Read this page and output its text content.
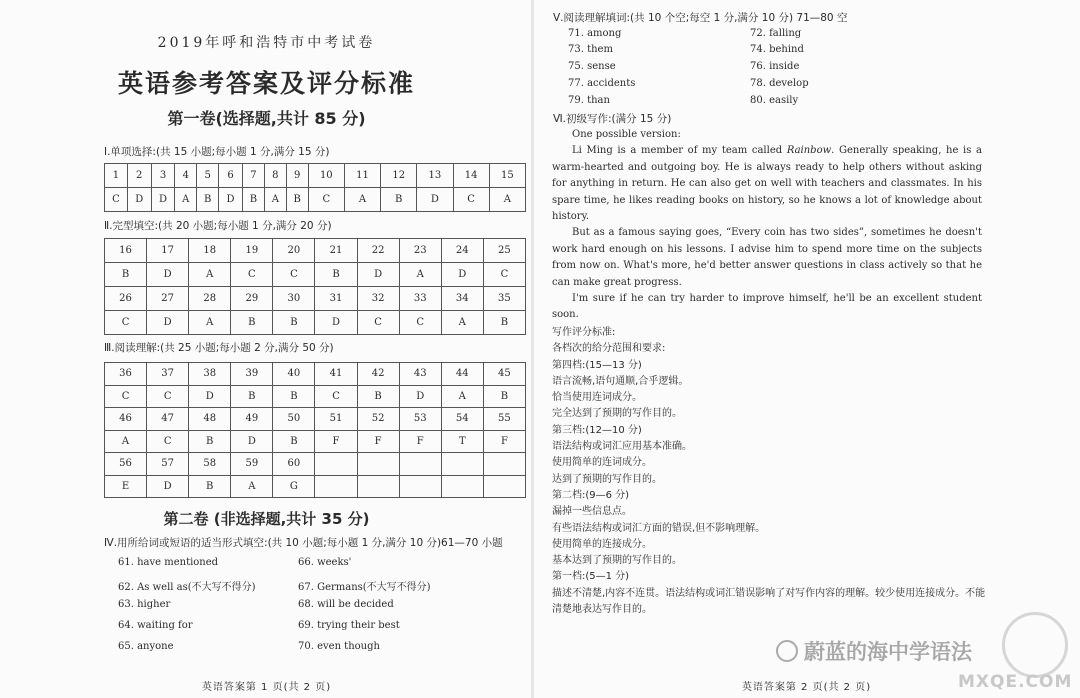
2019年呼和浩特市中考试卷
英语参考答案及评分标准
第一卷(选择题,共计 85 分)
Ⅰ.单项选择:(共 15 小题;每小题 1 分,满分 15 分)
1	2	3	4	5	6	7	8	9	10	11	12	13	14	15
C	D	D	A	B	D	B	A	B	C	A	B	D	C	A
Ⅱ.完型填空:(共 20 小题;每小题 1 分,满分 20 分)
16	17	18	19	20	21	22	23	24	25
B	D	A	C	C	B	D	A	D	C
26	27	28	29	30	31	32	33	34	35
C	D	A	B	B	D	C	C	A	B
Ⅲ.阅读理解:(共 25 小题;每小题 2 分,满分 50 分)
36	37	38	39	40	41	42	43	44	45
C	C	D	B	B	C	B	D	A	B
46	47	48	49	50	51	52	53	54	55
A	C	B	D	B	F	F	F	T	F
56	57	58	59	60					
E	D	B	A	G					
第二卷 (非选择题,共计 35 分)
Ⅳ.用所给词或短语的适当形式填空:(共 10 小题;每小题 1 分,满分 10 分)61—70 小题
61. have mentioned
62. As well as(不大写不得分)
63. higher
64. waiting for
65. anyone
66. weeks'
67. Germans(不大写不得分)
68. will be decided
69. trying their best
70. even though
英语答案第 1 页(共 2 页)
Ⅴ.阅读理解填词:(共 10 个空;每空 1 分,满分 10 分) 71—80 空
71. among
73. them
75. sense
77. accidents
79. than
72. falling
74. behind
76. inside
78. develop
80. easily
Ⅵ.初级写作:(满分 15 分)

One possible version:

Li Ming is a member of my team called Rainbow. Generally speaking, he is a warm-hearted and outgoing boy. He is always ready to help others without asking for anything in return. He can also get on well with teachers and classmates. In his spare time, he likes reading books on history, so he knows a lot of knowledge about history.

But as a famous saying goes, “Every coin has two sides”, sometimes he doesn't work hard enough on his lessons. I advise him to spend more time on the subjects from now on. What's more, he'd better answer questions in class actively so that he can make great progress.

I'm sure if he can try harder to improve himself, he'll be an excellent student soon.

写作评分标准:
各档次的给分范围和要求:
第四档:(15—13 分)
语言流畅,语句通顺,合乎逻辑。
恰当使用连词成分。
完全达到了预期的写作目的。
第三档:(12—10 分)
语法结构或词汇应用基本准确。
使用简单的连词成分。
达到了预期的写作目的。
第二档:(9—6 分)
漏掉一些信息点。
有些语法结构或词汇方面的错误,但不影响理解。
使用简单的连接成分。
基本达到了预期的写作目的。
第一档:(5—1 分)
描述不清楚,内容不连贯。语法结构或词汇错误影响了对写作内容的理解。较少使用连接成分。不能清楚地表达写作目的。
英语答案第 2 页(共 2 页)
蔚蓝的海中学语法
MXQE.COM
